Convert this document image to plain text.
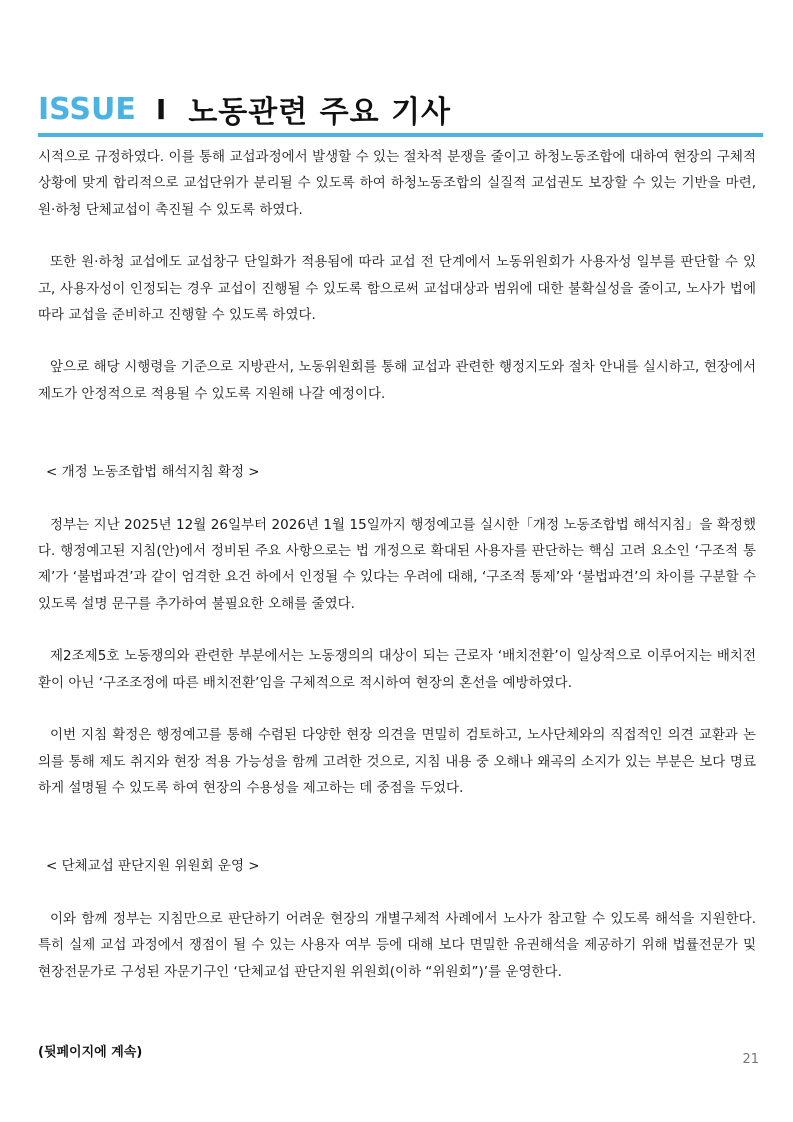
ISSUE I 노동관련 주요 기사

시적으로 규정하였다. 이를 통해 교섭과정에서 발생할 수 있는 절차적 분쟁을 줄이고 하청노동조합에 대하여 현장의 구체적 상황에 맞게 합리적으로 교섭단위가 분리될 수 있도록 하여 하청노동조합의 실질적 교섭권도 보장할 수 있는 기반을 마련, 원·하청 단체교섭이 촉진될 수 있도록 하였다.

또한 원·하청 교섭에도 교섭창구 단일화가 적용됨에 따라 교섭 전 단계에서 노동위원회가 사용자성 일부를 판단할 수 있고, 사용자성이 인정되는 경우 교섭이 진행될 수 있도록 함으로써 교섭대상과 범위에 대한 불확실성을 줄이고, 노사가 법에 따라 교섭을 준비하고 진행할 수 있도록 하였다.

앞으로 해당 시행령을 기준으로 지방관서, 노동위원회를 통해 교섭과 관련한 행정지도와 절차 안내를 실시하고, 현장에서 제도가 안정적으로 적용될 수 있도록 지원해 나갈 예정이다.

< 개정 노동조합법 해석지침 확정 >

정부는 지난 2025년 12월 26일부터 2026년 1월 15일까지 행정예고를 실시한「개정 노동조합법 해석지침」을 확정했다. 행정예고된 지침(안)에서 정비된 주요 사항으로는 법 개정으로 확대된 사용자를 판단하는 핵심 고려 요소인 ‘구조적 통제’가 ‘불법파견’과 같이 엄격한 요건 하에서 인정될 수 있다는 우려에 대해, ‘구조적 통제’와 ‘불법파견’의 차이를 구분할 수 있도록 설명 문구를 추가하여 불필요한 오해를 줄였다.

제2조제5호 노동쟁의와 관련한 부분에서는 노동쟁의의 대상이 되는 근로자 ‘배치전환’이 일상적으로 이루어지는 배치전환이 아닌 ‘구조조정에 따른 배치전환’임을 구체적으로 적시하여 현장의 혼선을 예방하였다.

이번 지침 확정은 행정예고를 통해 수렴된 다양한 현장 의견을 면밀히 검토하고, 노사단체와의 직접적인 의견 교환과 논의를 통해 제도 취지와 현장 적용 가능성을 함께 고려한 것으로, 지침 내용 중 오해나 왜곡의 소지가 있는 부분은 보다 명료하게 설명될 수 있도록 하여 현장의 수용성을 제고하는 데 중점을 두었다.

< 단체교섭 판단지원 위원회 운영 >

이와 함께 정부는 지침만으로 판단하기 어려운 현장의 개별구체적 사례에서 노사가 참고할 수 있도록 해석을 지원한다. 특히 실제 교섭 과정에서 쟁점이 될 수 있는 사용자 여부 등에 대해 보다 면밀한 유권해석을 제공하기 위해 법률전문가 및 현장전문가로 구성된 자문기구인 ‘단체교섭 판단지원 위원회(이하 “위원회”)’를 운영한다.

(뒷페이지에 계속)	21
